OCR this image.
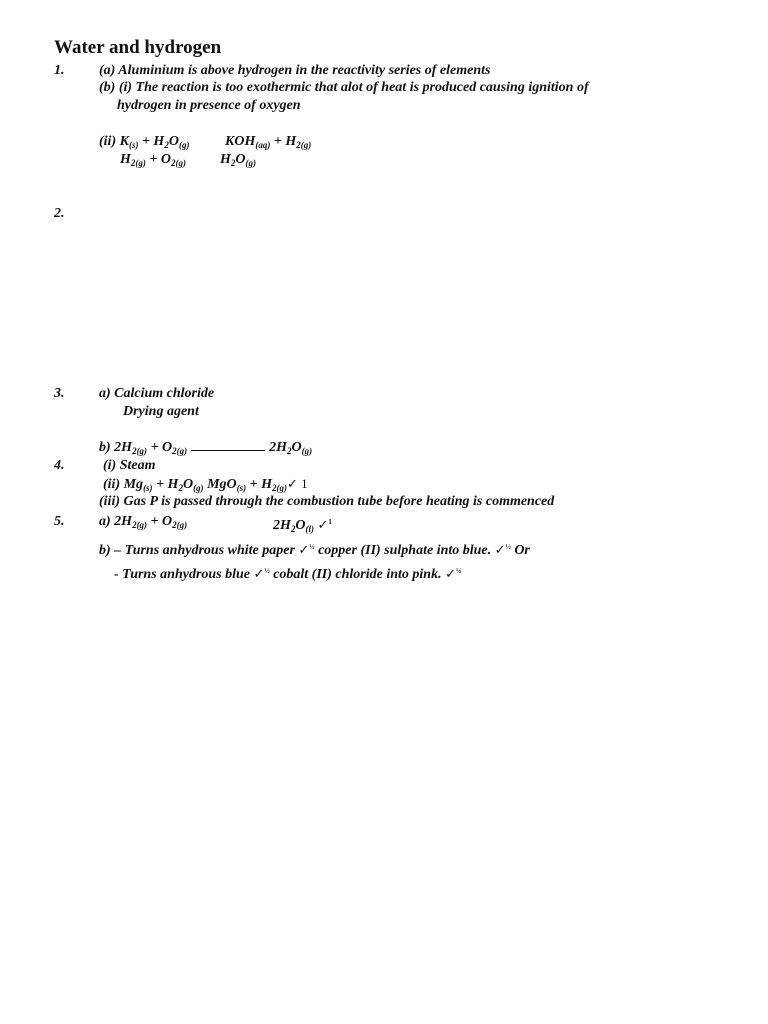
Water and hydrogen
1. (a) Aluminium is above hydrogen in the reactivity series of elements
(b) (i) The reaction is too exothermic that alot of heat is produced causing ignition of
hydrogen in presence of oxygen
(ii) $K_{(s)} + H_2O_{(g)}$	$KOH_{(aq)} + H_{2(g)}$
$H_{2(g)} + O_{2(g)}$ $H_2O_{(g)}$
2.
3. a) Calcium chloride
Drying agent
b) $2H_{2(g)} + O_{2(g)}$	$2H_2O_{(g)}$
4.	(i) Steam
(ii) $Mg_{(s)} + H_2O_{(g)}$ $MgO_{(s)} + H_{2(g)}✓$ 1
(iii) Gas P is passed through the combustion tube before heating is commenced
5. a) $2H_{2(g)} + O_{2(g)}$	$2H_2O_{(l)}$ ✓$^1$
b) – Turns anhydrous white paper ✓$^{\frac{1}{2}}$ copper (II) sulphate into blue. ✓$^{\frac{1}{2}}$ Or
- Turns anhydrous blue ✓$^{\frac{1}{2}}$ cobalt (II) chloride into pink. ✓$^{\frac{1}{2}}$
